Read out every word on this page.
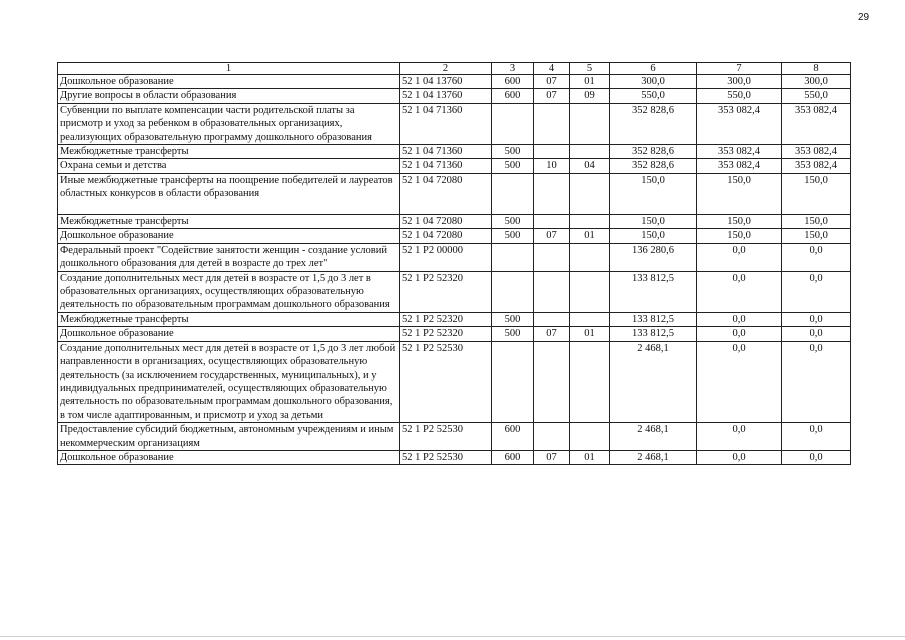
29
1	2	3	4	5	6	7	8
Дошкольное образование	52 1 04 13760	600	07	01	300,0	300,0	300,0
Другие вопросы в области образования	52 1 04 13760	600	07	09	550,0	550,0	550,0
Субвенции по выплате компенсации части родительской платы за присмотр и уход за ребенком в образовательных организациях, реализующих образовательную программу дошкольного образования	52 1 04 71360				352 828,6	353 082,4	353 082,4
Межбюджетные трансферты	52 1 04 71360	500			352 828,6	353 082,4	353 082,4
Охрана семьи и детства	52 1 04 71360	500	10	04	352 828,6	353 082,4	353 082,4
Иные межбюджетные трансферты на поощрение победителей и лауреатов областных конкурсов в области образования	52 1 04 72080				150,0	150,0	150,0
Межбюджетные трансферты	52 1 04 72080	500			150,0	150,0	150,0
Дошкольное образование	52 1 04 72080	500	07	01	150,0	150,0	150,0
Федеральный проект "Содействие занятости женщин - создание условий дошкольного образования для детей в возрасте до трех лет"	52 1 P2 00000				136 280,6	0,0	0,0
Создание дополнительных мест для детей в возрасте от 1,5 до 3 лет в образовательных организациях, осуществляющих образовательную деятельность по образовательным программам дошкольного образования	52 1 P2 52320				133 812,5	0,0	0,0
Межбюджетные трансферты	52 1 P2 52320	500			133 812,5	0,0	0,0
Дошкольное образование	52 1 P2 52320	500	07	01	133 812,5	0,0	0,0
Создание дополнительных мест для детей в возрасте от 1,5 до 3 лет любой направленности в организациях, осуществляющих образовательную деятельность (за исключением государственных, муниципальных), и у индивидуальных предпринимателей, осуществляющих образовательную деятельность по образовательным программам дошкольного образования, в том числе адаптированным, и присмотр и уход за детьми	52 1 P2 52530				2 468,1	0,0	0,0
Предоставление субсидий бюджетным, автономным учреждениям и иным некоммерческим организациям	52 1 P2 52530	600			2 468,1	0,0	0,0
Дошкольное образование	52 1 P2 52530	600	07	01	2 468,1	0,0	0,0
